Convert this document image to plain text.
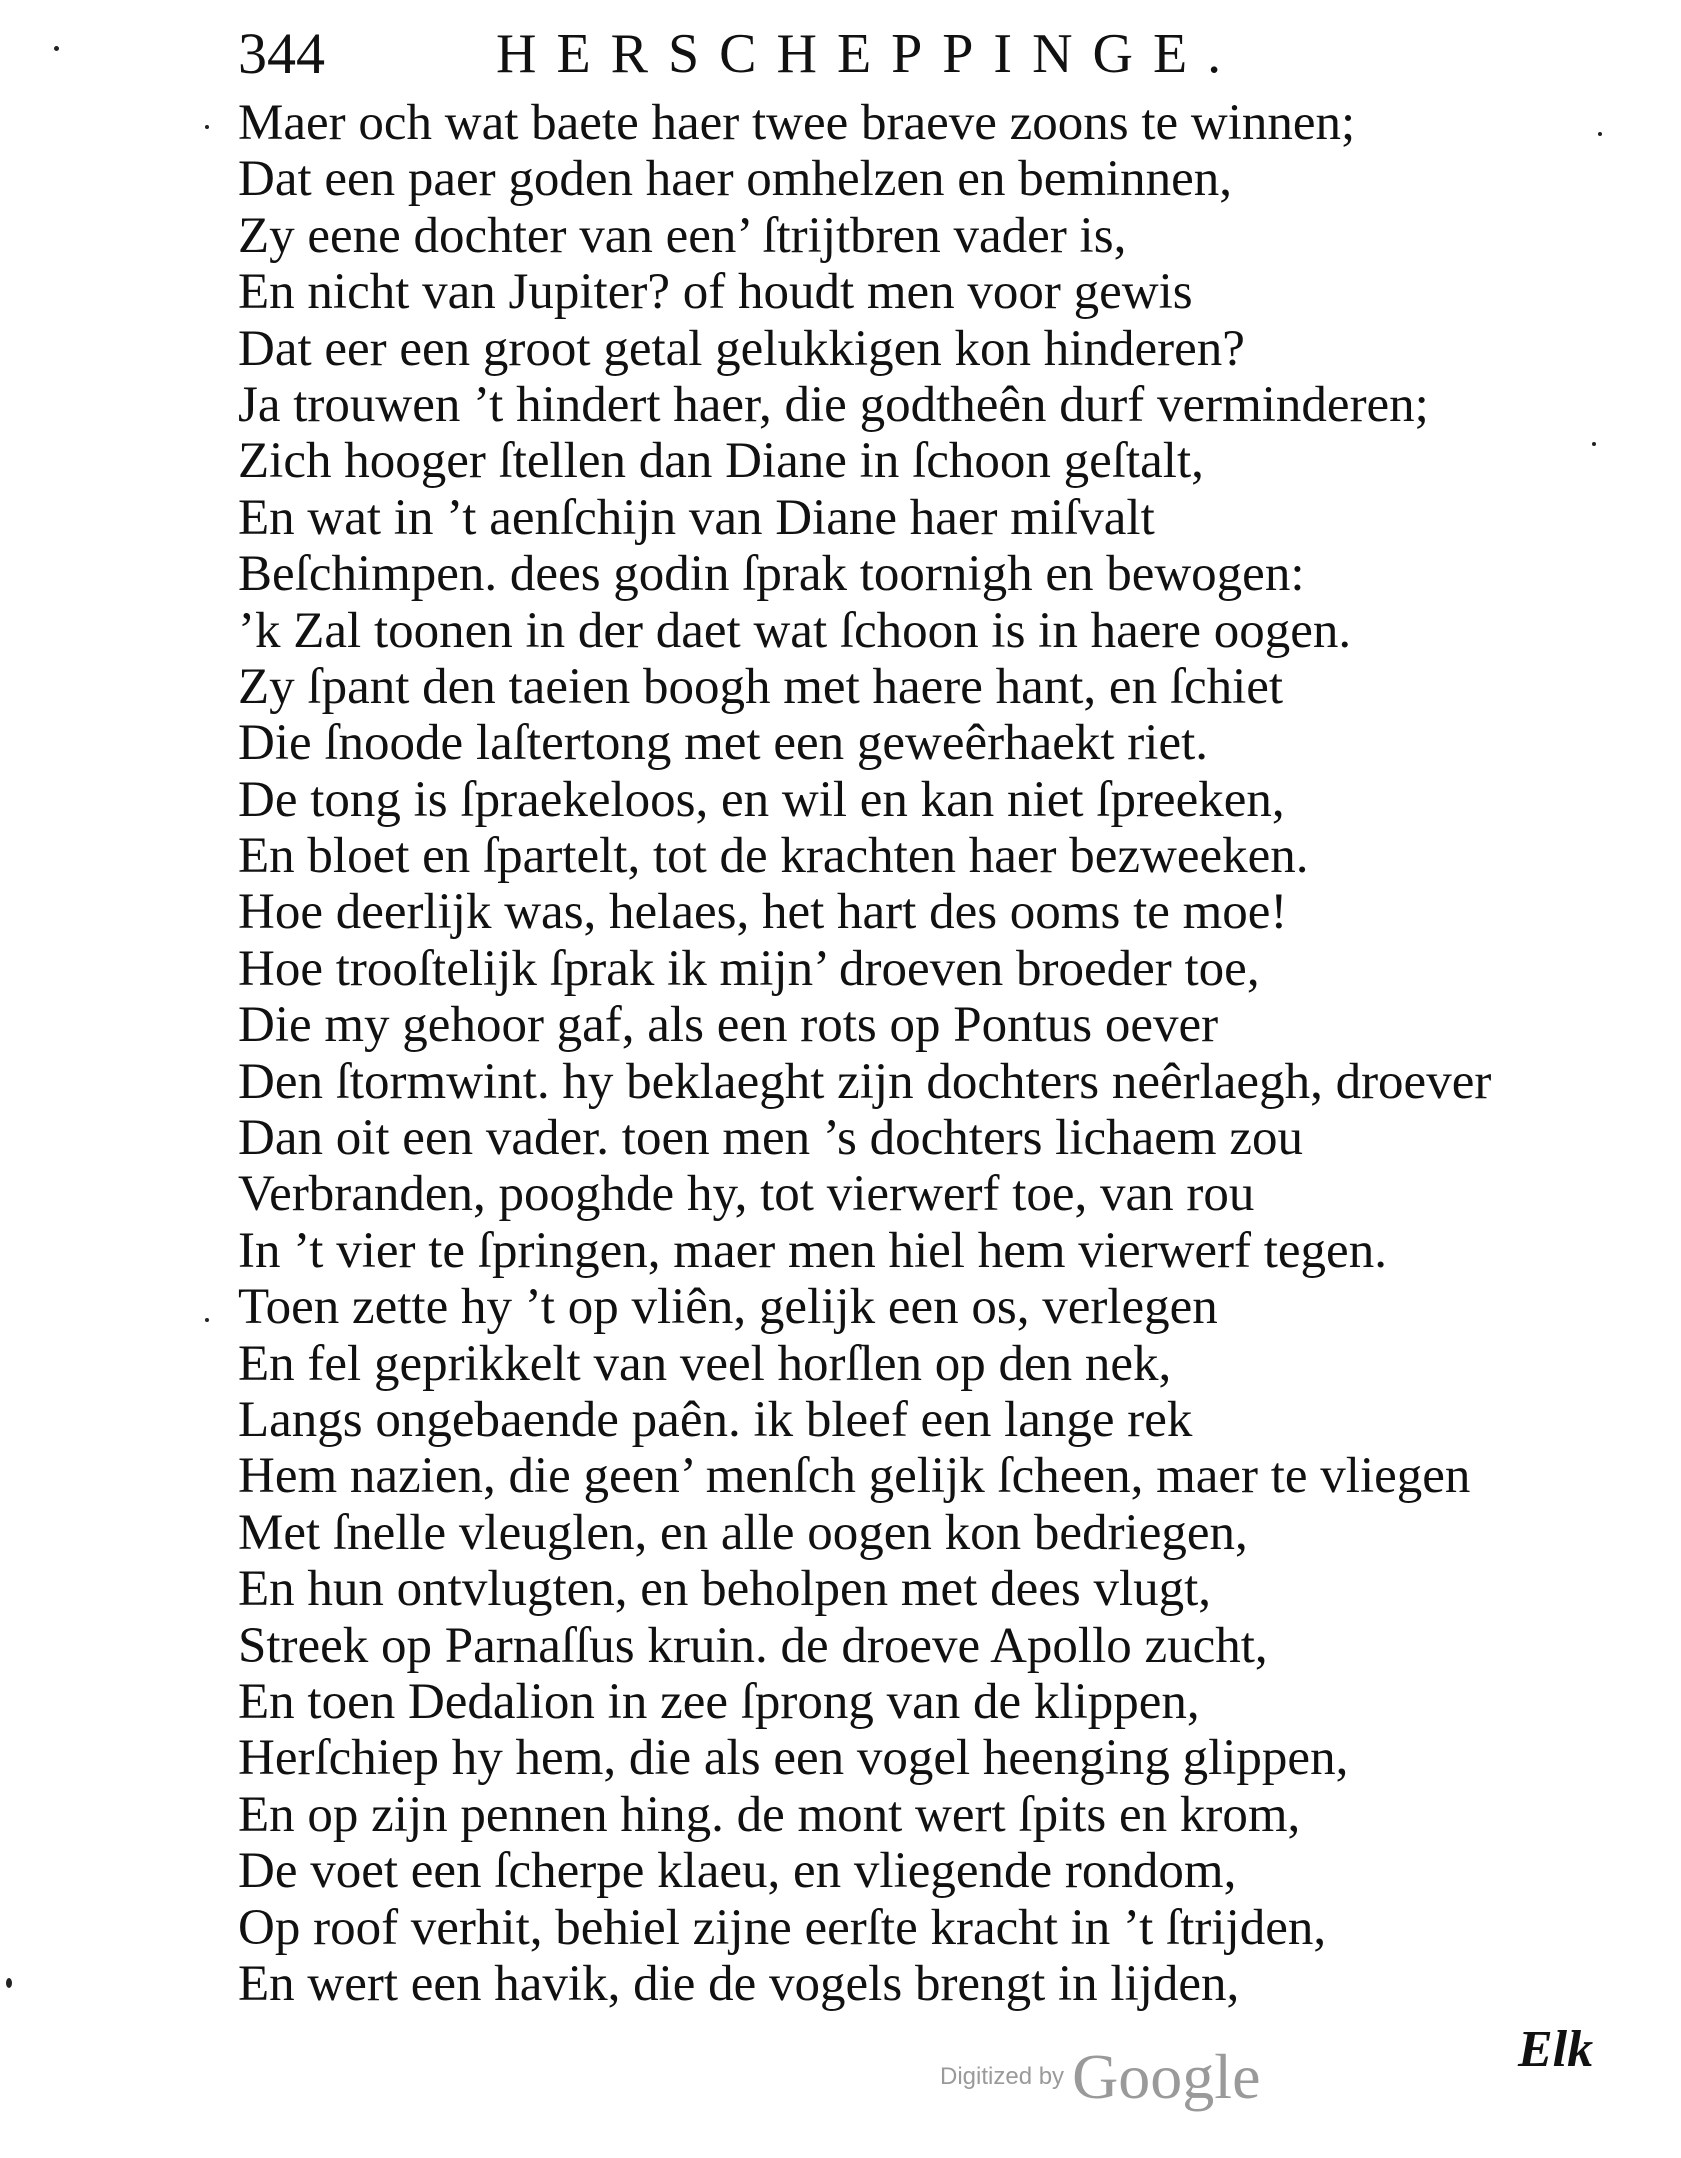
344	HERSCHEPPINGE.
Maer och wat baete haer twee braeve zoons te winnen;
Dat een paer goden haer omhelzen en beminnen,
Zy eene dochter van een’ ſtrijtbren vader is,
En nicht van Jupiter? of houdt men voor gewis
Dat eer een groot getal gelukkigen kon hinderen?
Ja trouwen ’t hindert haer, die godtheên durf verminderen;
Zich hooger ſtellen dan Diane in ſchoon geſtalt,
En wat in ’t aenſchijn van Diane haer miſvalt
Beſchimpen. dees godin ſprak toornigh en bewogen:
’k Zal toonen in der daet wat ſchoon is in haere oogen.
Zy ſpant den taeien boogh met haere hant, en ſchiet
Die ſnoode laſtertong met een geweêrhaekt riet.
De tong is ſpraekeloos, en wil en kan niet ſpreeken,
En bloet en ſpartelt, tot de krachten haer bezweeken.
Hoe deerlijk was, helaes, het hart des ooms te moe!
Hoe trooſtelijk ſprak ik mijn’ droeven broeder toe,
Die my gehoor gaf, als een rots op Pontus oever
Den ſtormwint. hy beklaeght zijn dochters neêrlaegh, droever
Dan oit een vader. toen men ’s dochters lichaem zou
Verbranden, pooghde hy, tot vierwerf toe, van rou
In ’t vier te ſpringen, maer men hiel hem vierwerf tegen.
Toen zette hy ’t op vliên, gelijk een os, verlegen
En fel geprikkelt van veel horſlen op den nek,
Langs ongebaende paên. ik bleef een lange rek
Hem nazien, die geen’ menſch gelijk ſcheen, maer te vliegen
Met ſnelle vleuglen, en alle oogen kon bedriegen,
En hun ontvlugten, en beholpen met dees vlugt,
Streek op Parnaſſus kruin. de droeve Apollo zucht,
En toen Dedalion in zee ſprong van de klippen,
Herſchiep hy hem, die als een vogel heenging glippen,
En op zijn pennen hing. de mont wert ſpits en krom,
De voet een ſcherpe klaeu, en vliegende rondom,
Op roof verhit, behiel zijne eerſte kracht in ’t ſtrijden,
En wert een havik, die de vogels brengt in lijden,
Elk
Digitized by Google
